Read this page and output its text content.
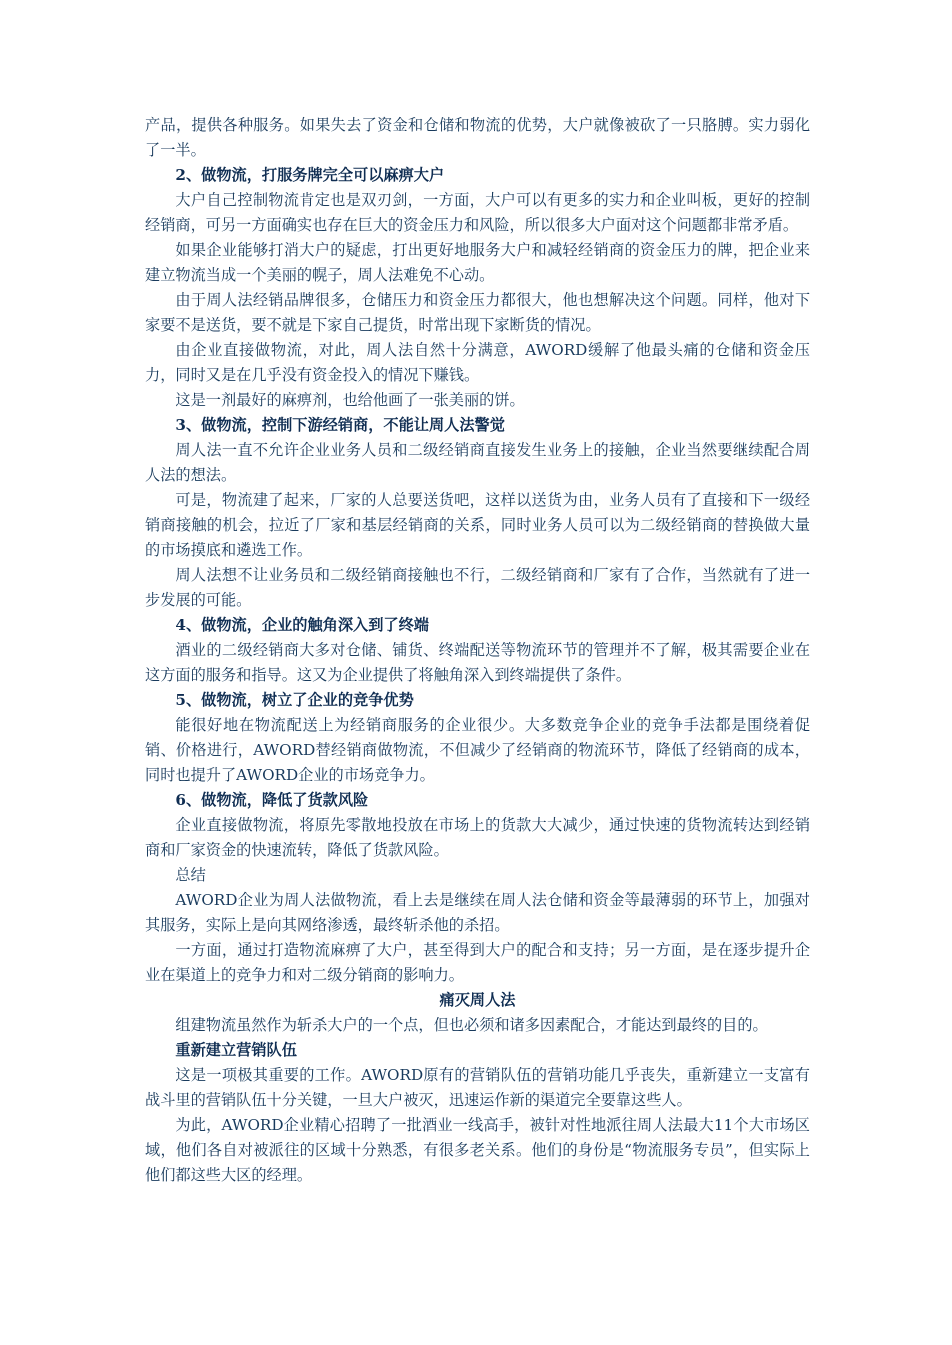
产品，提供各种服务。如果失去了资金和仓储和物流的优势，大户就像被砍了一只胳膊。实力弱化了一半。

2、做物流，打服务牌完全可以麻痹大户

大户自己控制物流肯定也是双刃剑，一方面，大户可以有更多的实力和企业叫板，更好的控制经销商，可另一方面确实也存在巨大的资金压力和风险，所以很多大户面对这个问题都非常矛盾。

如果企业能够打消大户的疑虑，打出更好地服务大户和减轻经销商的资金压力的牌，把企业来建立物流当成一个美丽的幌子，周人法难免不心动。

由于周人法经销品牌很多，仓储压力和资金压力都很大，他也想解决这个问题。同样，他对下家要不是送货，要不就是下家自己提货，时常出现下家断货的情况。

由企业直接做物流，对此，周人法自然十分满意，AWORD缓解了他最头痛的仓储和资金压力，同时又是在几乎没有资金投入的情况下赚钱。

这是一剂最好的麻痹剂，也给他画了一张美丽的饼。

3、做物流，控制下游经销商，不能让周人法警觉

周人法一直不允许企业业务人员和二级经销商直接发生业务上的接触，企业当然要继续配合周人法的想法。

可是，物流建了起来，厂家的人总要送货吧，这样以送货为由，业务人员有了直接和下一级经销商接触的机会，拉近了厂家和基层经销商的关系，同时业务人员可以为二级经销商的替换做大量的市场摸底和遴选工作。

周人法想不让业务员和二级经销商接触也不行，二级经销商和厂家有了合作，当然就有了进一步发展的可能。

4、做物流，企业的触角深入到了终端

酒业的二级经销商大多对仓储、铺货、终端配送等物流环节的管理并不了解，极其需要企业在这方面的服务和指导。这又为企业提供了将触角深入到终端提供了条件。

5、做物流，树立了企业的竞争优势

能很好地在物流配送上为经销商服务的企业很少。大多数竞争企业的竞争手法都是围绕着促销、价格进行，AWORD替经销商做物流，不但减少了经销商的物流环节，降低了经销商的成本，同时也提升了AWORD企业的市场竞争力。

6、做物流，降低了货款风险

企业直接做物流，将原先零散地投放在市场上的货款大大减少，通过快速的货物流转达到经销商和厂家资金的快速流转，降低了货款风险。

总结

AWORD企业为周人法做物流，看上去是继续在周人法仓储和资金等最薄弱的环节上，加强对其服务，实际上是向其网络渗透，最终斩杀他的杀招。

一方面，通过打造物流麻痹了大户，甚至得到大户的配合和支持；另一方面，是在逐步提升企业在渠道上的竞争力和对二级分销商的影响力。

痛灭周人法

组建物流虽然作为斩杀大户的一个点，但也必须和诸多因素配合，才能达到最终的目的。

重新建立营销队伍

这是一项极其重要的工作。AWORD原有的营销队伍的营销功能几乎丧失，重新建立一支富有战斗里的营销队伍十分关键，一旦大户被灭，迅速运作新的渠道完全要靠这些人。

为此，AWORD企业精心招聘了一批酒业一线高手，被针对性地派往周人法最大11个大市场区域，他们各自对被派往的区域十分熟悉，有很多老关系。他们的身份是“物流服务专员”，但实际上他们都这些大区的经理。
